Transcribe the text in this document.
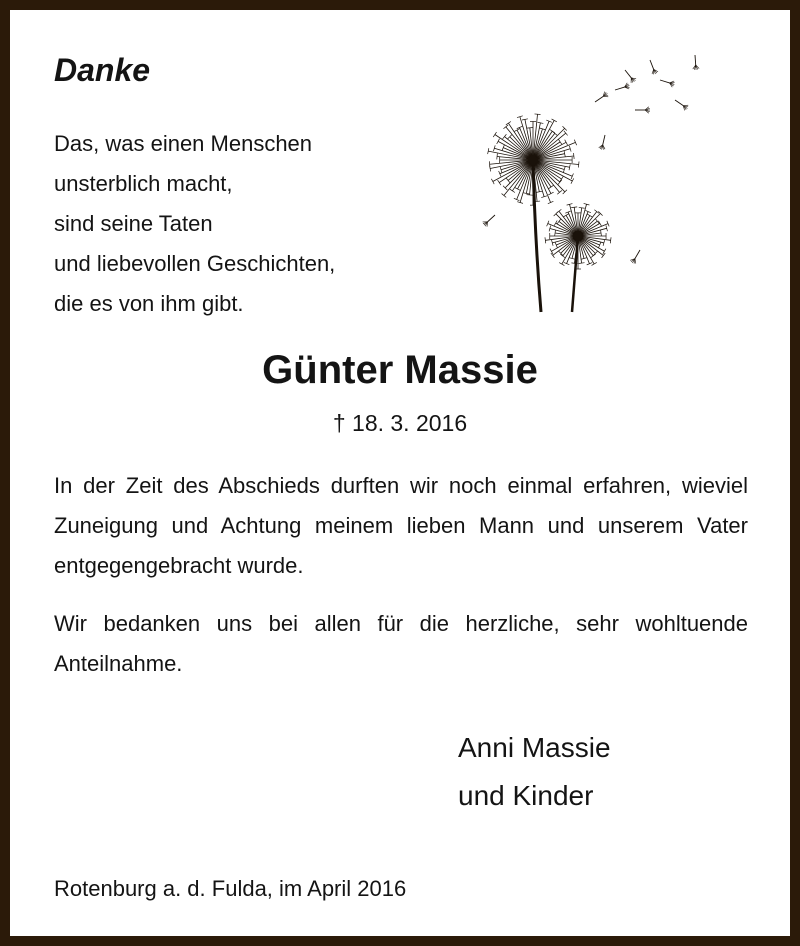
Danke
Das, was einen Menschen
unsterblich macht,
sind seine Taten
und liebevollen Geschichten,
die es von ihm gibt.
Günter Massie
† 18. 3. 2016
In der Zeit des Abschieds durften wir noch einmal erfahren, wieviel Zuneigung und Achtung meinem lieben Mann und unserem Vater entgegengebracht wurde.
Wir bedanken uns bei allen für die herzliche, sehr wohltuende Anteilnahme.
Anni Massie
und Kinder
Rotenburg a. d. Fulda, im April 2016
